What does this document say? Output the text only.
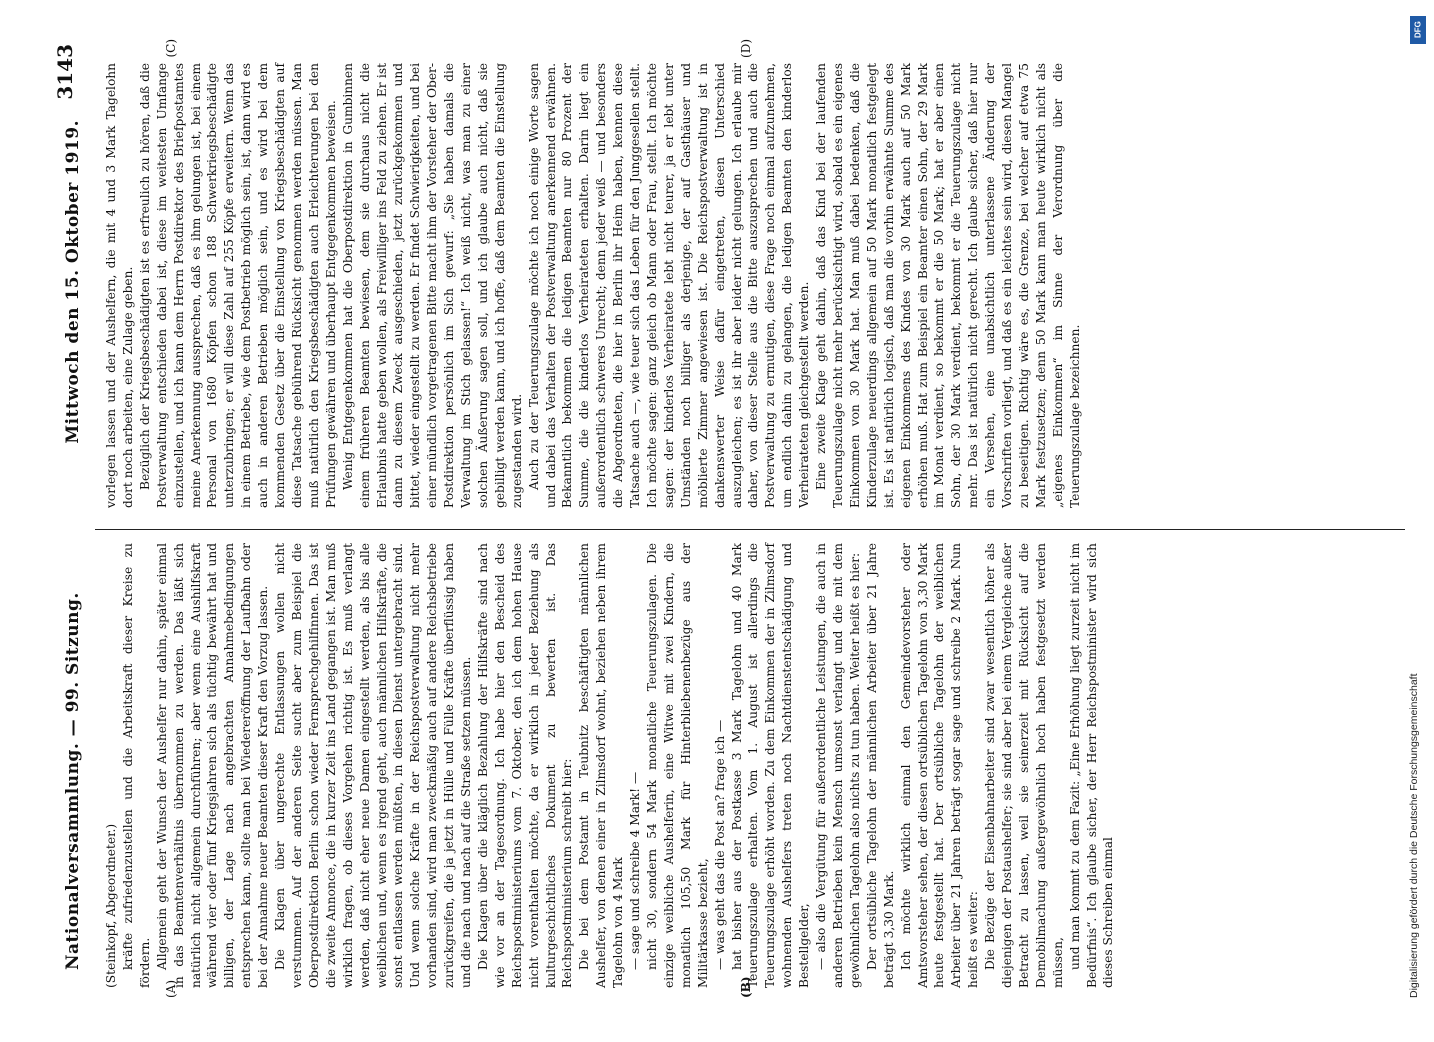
Nationalversammlung. — 99. Sitzung.
Mittwoch den 15. Oktober 1919.
3143
(A)	(B)

(Steinkopf, Abgeordneter.) kräfte zufriedenzustellen und die Arbeitskraft dieser Kreise zu fördern. Allgemein geht der Wunsch der Aushelfer nur dahin, später einmal in das Beamtenverhältnis übernommen zu werden. Das läßt sich natürlich nicht allgemein durchführen; aber wenn eine Aushilfskraft während vier oder fünf Kriegsjahren sich als tüchtig bewährt hat und billigen, der Lage nach angebrachten Annahmebedingungen entsprechen kann, sollte man bei Wiedereröffnung der Laufbahn oder bei der Annahme neuer Beamten dieser Kraft den Vorzug lassen. Die Klagen über ungerechte Entlassungen wollen nicht verstummen. Auf der anderen Seite sucht aber zum Beispiel die Oberpostdirektion Berlin schon wieder Fernsprechgehilfinnen. Das ist die zweite Annonce, die in kurzer Zeit ins Land gegangen ist. Man muß wirklich fragen, ob dieses Vorgehen richtig ist. Es muß verlangt werden, daß nicht eher neue Damen eingestellt werden, als bis alle weiblichen und, wenn es irgend geht, auch männlichen Hilfskräfte, die sonst entlassen werden müßten, in diesen Dienst untergebracht sind. Und wenn solche Kräfte in der Reichspostverwaltung nicht mehr vorhanden sind, wird man zweckmäßig auch auf andere Reichsbetriebe zurückgreifen, die ja jetzt in Hülle und Fülle Kräfte überflüssig haben und die nach und nach auf die Straße setzen müssen. Die Klagen über die kläglich Bezahlung der Hilfskräfte sind nach wie vor an der Tagesordnung. Ich habe hier den Bescheid des Reichspostministeriums vom 7. Oktober, den ich dem hohen Hause nicht vorenthalten möchte, da er wirklich in jeder Beziehung als kulturgeschichtliches Dokument zu bewerten ist. Das Reichspostministerium schreibt hier: Die bei dem Postamt in Teubnitz beschäftigten männlichen Aushelfer, von denen einer in Zilmsdorf wohnt, beziehen neben ihrem Tagelohn von 4 Mark — sage und schreibe 4 Mark! — nicht 30, sondern 54 Mark monatliche Teuerungszulagen. Die einzige weibliche Aushelferin, eine Witwe mit zwei Kindern, die monatlich 105,50 Mark für Hinterbliebenenbezüge aus der Militärkasse bezieht, — was geht das die Post an? frage ich — hat bisher aus der Postkasse 3 Mark Tagelohn und 40 Mark Teuerungszulage erhalten. Vom 1. August ist allerdings die Teuerungszulage erhöht worden. Zu dem Einkommen der in Zilmsdorf wohnenden Aushelfers treten noch Nachtdienstentschädigung und Bestellgelder, — also die Vergütung für außerordentliche Leistungen, die auch in anderen Betrieben kein Mensch umsonst verlangt und die mit dem gewöhnlichen Tagelohn also nichts zu tun haben. Weiter heißt es hier: Der ortsübliche Tagelohn der männlichen Arbeiter über 21 Jahre beträgt 3,30 Mark. Ich möchte wirklich einmal den Gemeindevorsteher oder Amtsvorsteher sehen, der diesen ortsüblichen Tagelohn von 3,30 Mark heute festgestellt hat. Der ortsübliche Tagelohn der weiblichen Arbeiter über 21 Jahren beträgt sogar sage und schreibe 2 Mark. Nun heißt es weiter: Die Bezüge der Eisenbahnarbeiter sind zwar wesentlich höher als diejenigen der Postaushelfer; sie sind aber bei einem Vergleiche außer Betracht zu lassen, weil sie seinerzeit mit Rücksicht auf die Demobilmachung außergewöhnlich hoch haben festgesetzt werden müssen, und man kommt zu dem Fazit: „Eine Erhöhung liegt zurzeit nicht im Bedürfnis“. Ich glaube sicher, der Herr Reichspostminister wird sich dieses Schreiben einmal

(C)	(D)

vorlegen lassen und der Aushelfern, die mit 4 und 3 Mark Tagelohn dort noch arbeiten, eine Zulage geben. Bezüglich der Kriegsbeschädigten ist es erfreulich zu hören, daß die Postverwaltung entschieden dabei ist, diese im weitesten Umfange einzustellen, und ich kann dem Herrn Postdirektor des Briefpostamtes meine Anerkennung aussprechen, daß es ihm gelungen ist, bei einem Personal von 1680 Köpfen schon 188 Schwerkriegsbeschädigte unterzubringen; er will diese Zahl auf 255 Köpfe erweitern. Wenn das in einem Betriebe, wie dem Postbetrieb möglich sein, ist, dann wird es auch in anderen Betrieben möglich sein, und es wird bei dem kommenden Gesetz über die Einstellung von Kriegsbeschädigten auf diese Tatsache gebührend Rücksicht genommen werden müssen. Man muß natürlich den Kriegsbeschädigten auch Erleichterungen bei den Prüfungen gewähren und überhaupt Entgegenkommen beweisen. Wenig Entgegenkommen hat die Oberpostdirektion in Gumbinnen einem früheren Beamten bewiesen, dem sie durchaus nicht die Erlaubnis hatte geben wollen, als Freiwilliger ins Feld zu ziehen. Er ist dann zu diesem Zweck ausgeschieden, jetzt zurückgekommen und bittet, wieder eingestellt zu werden. Er findet Schwierigkeiten, und bei einer mündlich vorgetragenen Bitte macht ihm der Vorsteher der Ober-Postdirektion persönlich im Sich gewurf: „Sie haben damals die Verwaltung im Stich gelassen!“ Ich weiß nicht, was man zu einer solchen Äußerung sagen soll, und ich glaube auch nicht, daß sie gebilligt werden kann, und ich hoffe, daß dem Beamten die Einstellung zugestanden wird. Auch zu der Teuerungszulage möchte ich noch einige Worte sagen und dabei das Verhalten der Postverwaltung anerkennend erwähnen. Bekanntlich bekommen die ledigen Beamten nur 80 Prozent der Summe, die die kinderlos Verheirateten erhalten. Darin liegt ein außerordentlich schweres Unrecht; denn jeder weiß — und besonders die Abgeordneten, die hier in Berlin ihr Heim haben, kennen diese Tatsache auch —, wie teuer sich das Leben für den Junggesellen stellt. Ich möchte sagen: ganz gleich ob Mann oder Frau, stellt. Ich möchte sagen: der kinderlos Verheiratete lebt nicht teurer, ja er lebt unter Umständen noch billiger als derjenige, der auf Gasthäuser und möblierte Zimmer angewiesen ist. Die Reichspostverwaltung ist in dankenswerter Weise dafür eingetreten, diesen Unterschied auszugleichen; es ist ihr aber leider nicht gelungen. Ich erlaube mir daher, von dieser Stelle aus die Bitte auszusprechen und auch die Postverwaltung zu ermutigen, diese Frage noch einmal aufzunehmen, um endlich dahin zu gelangen, die ledigen Beamten den kinderlos Verheirateten gleichgestellt werden. Eine zweite Klage geht dahin, daß das Kind bei der laufenden Teuerungszulage nicht mehr berücksichtigt wird, sobald es ein eigenes Einkommen von 30 Mark hat. Man muß dabei bedenken, daß die Kinderzulage neuerdings allgemein auf 50 Mark monatlich festgelegt ist. Es ist natürlich logisch, daß man die vorhin erwähnte Summe des eigenen Einkommens des Kindes von 30 Mark auch auf 50 Mark erhöhen muß. Hat zum Beispiel ein Beamter einen Sohn, der 29 Mark im Monat verdient, so bekommt er die 50 Mark; hat er aber einen Sohn, der 30 Mark verdient, bekommt er die Teuerungszulage nicht mehr. Das ist natürlich nicht gerecht. Ich glaube sicher, daß hier nur ein Versehen, eine unabsichtlich unterlassene Änderung der Vorschriften vorliegt, und daß es ein leichtes sein wird, diesen Mangel zu beseitigen. Richtig wäre es, die Grenze, bei welcher auf etwa 75 Mark festzusetzen; denn 50 Mark kann man heute wirklich nicht als „eigenes Einkommen“ im Sinne der Verordnung über die Teuerungszulage bezeichnen.

DFG
Digitalisierung gefördert durch die Deutsche Forschungsgemeinschaft
